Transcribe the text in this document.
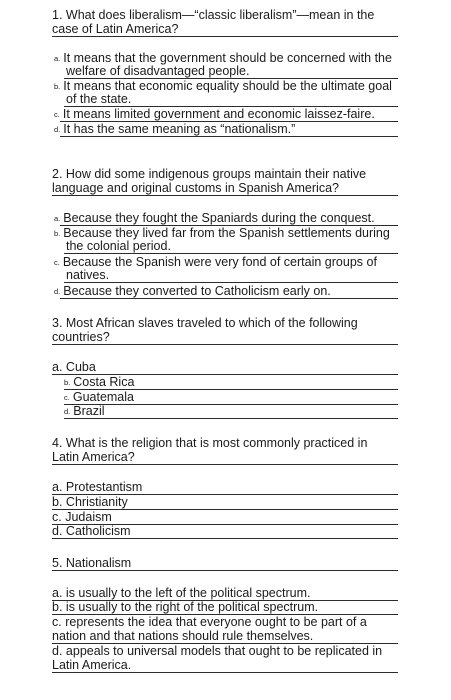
1. What does liberalism—“classic liberalism”—mean in the
case of Latin America?
a. It means that the government should be concerned with the
welfare of disadvantaged people.
b. It means that economic equality should be the ultimate goal
of the state.
c. It means limited government and economic laissez-faire.
d. It has the same meaning as “nationalism.”
2. How did some indigenous groups maintain their native
language and original customs in Spanish America?
a. Because they fought the Spaniards during the conquest.
b. Because they lived far from the Spanish settlements during
the colonial period.
c. Because the Spanish were very fond of certain groups of
natives.
d. Because they converted to Catholicism early on.
3. Most African slaves traveled to which of the following
countries?
a. Cuba
b. Costa Rica
c. Guatemala
d. Brazil
4. What is the religion that is most commonly practiced in
Latin America?
a. Protestantism
b. Christianity
c. Judaism
d. Catholicism
5. Nationalism
a. is usually to the left of the political spectrum.
b. is usually to the right of the political spectrum.
c. represents the idea that everyone ought to be part of a
nation and that nations should rule themselves.
d. appeals to universal models that ought to be replicated in
Latin America.
